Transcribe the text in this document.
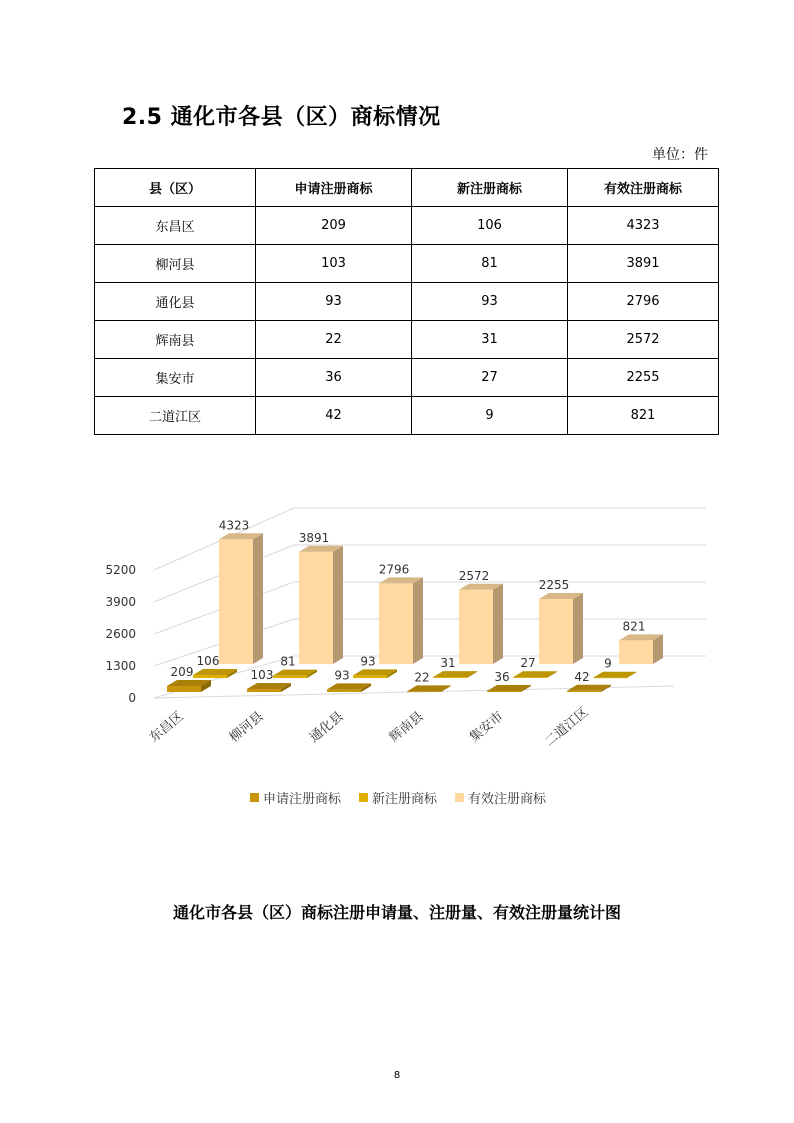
2.5 通化市各县（区）商标情况
单位：件
县（区）	申请注册商标	新注册商标	有效注册商标
东昌区	209	106	4323
柳河县	103	81	3891
通化县	93	93	2796
辉南县	22	31	2572
集安市	36	27	2255
二道江区	42	9	821
0
1300
2600
3900
5200
东昌区
209
106
4323
柳河县
103
81
3891
通化县
93
93
2796
辉南县
22
31
2572
集安市
36
27
2255
二道江区
42
9
821
申请注册商标 新注册商标 有效注册商标
通化市各县（区）商标注册申请量、注册量、有效注册量统计图
8
